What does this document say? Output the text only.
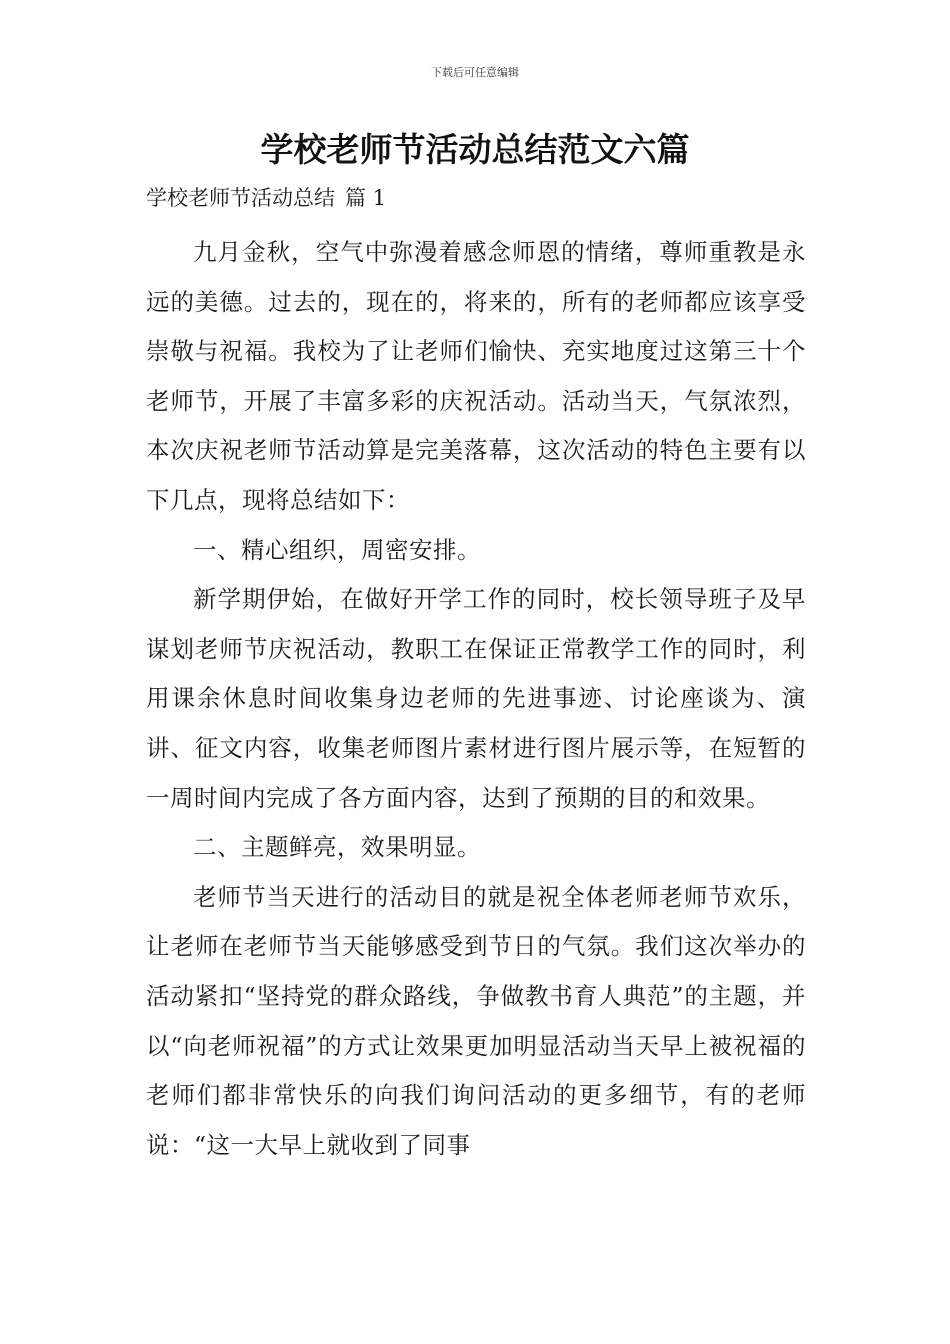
下载后可任意编辑
学校老师节活动总结范文六篇
学校老师节活动总结 篇 1

九月金秋，空气中弥漫着感念师恩的情绪，尊师重教是永远的美德。过去的，现在的，将来的，所有的老师都应该享受崇敬与祝福。我校为了让老师们愉快、充实地度过这第三十个老师节，开展了丰富多彩的庆祝活动。活动当天，气氛浓烈，本次庆祝老师节活动算是完美落幕，这次活动的特色主要有以下几点，现将总结如下：

一、精心组织，周密安排。

新学期伊始，在做好开学工作的同时，校长领导班子及早谋划老师节庆祝活动，教职工在保证正常教学工作的同时，利用课余休息时间收集身边老师的先进事迹、讨论座谈为、演讲、征文内容，收集老师图片素材进行图片展示等，在短暂的一周时间内完成了各方面内容，达到了预期的目的和效果。

二、主题鲜亮，效果明显。

老师节当天进行的活动目的就是祝全体老师老师节欢乐，让老师在老师节当天能够感受到节日的气氛。我们这次举办的活动紧扣“坚持党的群众路线，争做教书育人典范”的主题，并以“向老师祝福”的方式让效果更加明显活动当天早上被祝福的老师们都非常快乐的向我们询问活动的更多细节，有的老师说：“这一大早上就收到了同事
